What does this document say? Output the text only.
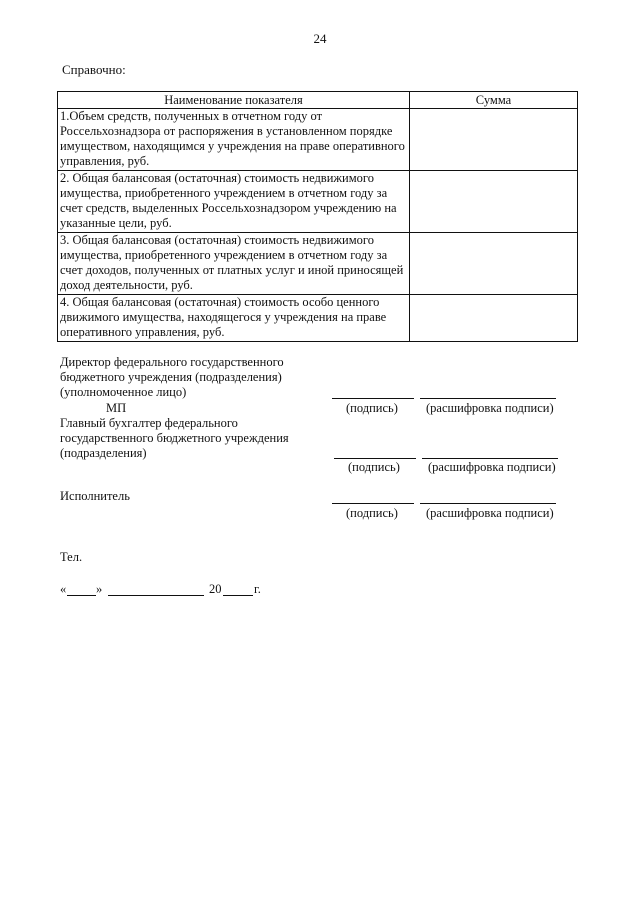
24
Справочно:
Наименование показателя	Сумма
1.Объем средств, полученных в отчетном году от Россельхознадзора от распоряжения в установленном порядке имуществом, находящимся у учреждения на праве оперативного управления, руб.	
2. Общая балансовая (остаточная) стоимость недвижимого имущества, приобретенного учреждением в отчетном году за счет средств, выделенных Россельхознадзором учреждению на указанные цели, руб.	
3. Общая балансовая (остаточная) стоимость недвижимого имущества, приобретенного учреждением в отчетном году за счет доходов, полученных от платных услуг и иной приносящей доход деятельности, руб.	
4. Общая балансовая (остаточная) стоимость особо ценного движимого имущества, находящегося у учреждения на праве оперативного управления, руб.	
Директор федерального государственного
бюджетного учреждения (подразделения)
(уполномоченное лицо)
МП	(подпись) (расшифровка подписи)
Главный бухгалтер федерального
государственного бюджетного учреждения
(подразделения)
(подпись) (расшифровка подписи)
Исполнитель
(подпись) (расшифровка подписи)
Тел.
« »	20	г.
